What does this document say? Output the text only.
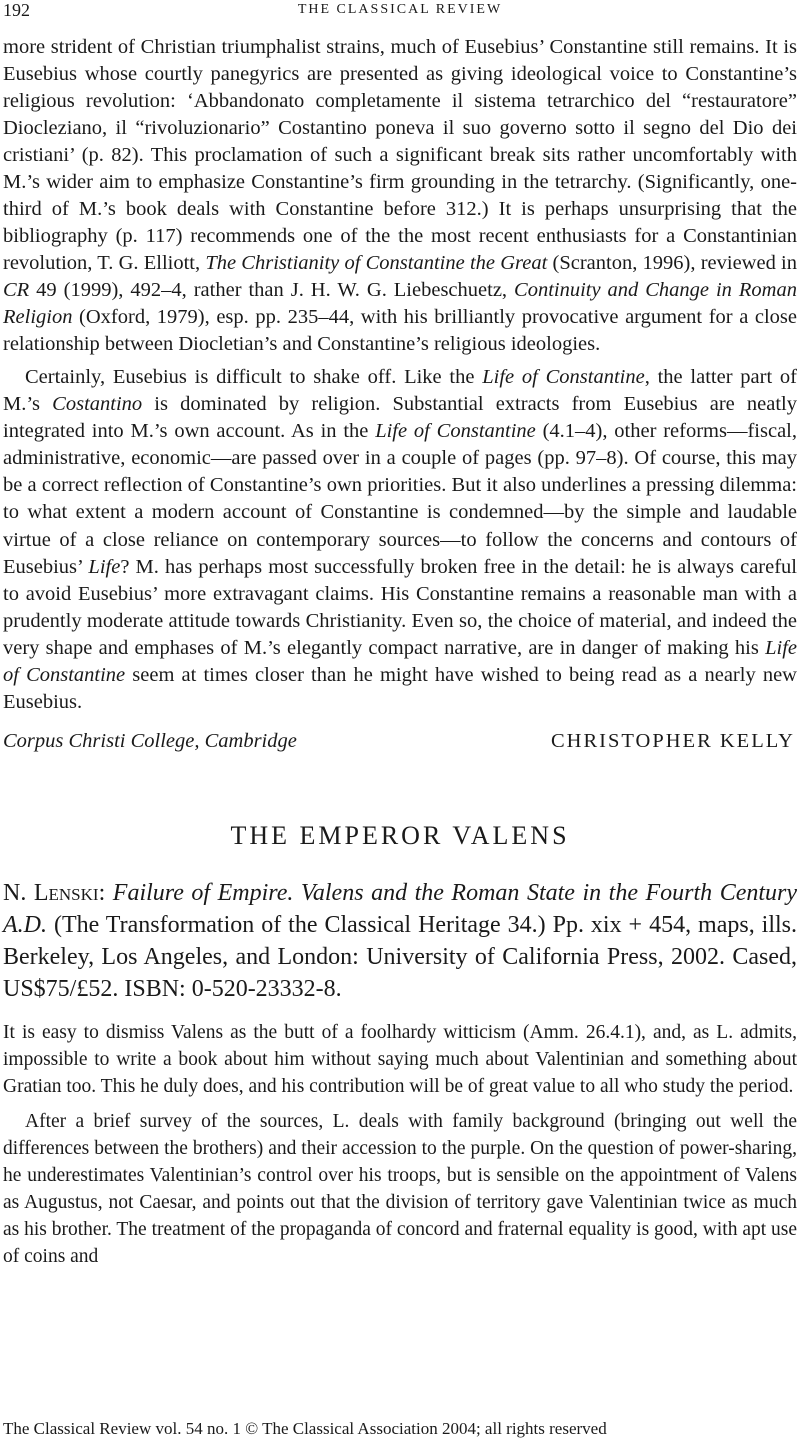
192	THE CLASSICAL REVIEW

more strident of Christian triumphalist strains, much of Eusebius’ Constantine still remains. It is Eusebius whose courtly panegyrics are presented as giving ideological voice to Constantine’s religious revolution: ‘Abbandonato completamente il sistema tetrarchico del “restauratore” Diocleziano, il “rivoluzionario” Costantino poneva il suo governo sotto il segno del Dio dei cristiani’ (p. 82). This proclamation of such a significant break sits rather uncomfortably with M.’s wider aim to emphasize Constantine’s firm grounding in the tetrarchy. (Significantly, one-third of M.’s book deals with Constantine before 312.) It is perhaps unsurprising that the bibliography (p. 117) recommends one of the the most recent enthusiasts for a Constantinian revolution, T. G. Elliott, The Christianity of Constantine the Great (Scranton, 1996), reviewed in CR 49 (1999), 492–4, rather than J. H. W. G. Liebeschuetz, Continuity and Change in Roman Religion (Oxford, 1979), esp. pp. 235–44, with his brilliantly provocative argument for a close relationship between Diocletian’s and Constantine’s religious ideologies.

Certainly, Eusebius is difficult to shake off. Like the Life of Constantine, the latter part of M.’s Costantino is dominated by religion. Substantial extracts from Eusebius are neatly integrated into M.’s own account. As in the Life of Constantine (4.1–4), other reforms—fiscal, administrative, economic—are passed over in a couple of pages (pp. 97–8). Of course, this may be a correct reflection of Constantine’s own priorities. But it also underlines a pressing dilemma: to what extent a modern account of Constantine is condemned—by the simple and laudable virtue of a close reliance on contemporary sources—to follow the concerns and contours of Eusebius’ Life? M. has perhaps most successfully broken free in the detail: he is always careful to avoid Eusebius’ more extravagant claims. His Constantine remains a reasonable man with a prudently moderate attitude towards Christianity. Even so, the choice of material, and indeed the very shape and emphases of M.’s elegantly compact narrative, are in danger of making his Life of Constantine seem at times closer than he might have wished to being read as a nearly new Eusebius.

Corpus Christi College, Cambridge	CHRISTOPHER KELLY
THE EMPEROR VALENS
N. Lenski: Failure of Empire. Valens and the Roman State in the Fourth Century A.D. (The Transformation of the Classical Heritage 34.) Pp. xix + 454, maps, ills. Berkeley, Los Angeles, and London: University of California Press, 2002. Cased, US$75/£52. ISBN: 0-520-23332-8.

It is easy to dismiss Valens as the butt of a foolhardy witticism (Amm. 26.4.1), and, as L. admits, impossible to write a book about him without saying much about Valentinian and something about Gratian too. This he duly does, and his contribution will be of great value to all who study the period.

After a brief survey of the sources, L. deals with family background (bringing out well the differences between the brothers) and their accession to the purple. On the question of power-sharing, he underestimates Valentinian’s control over his troops, but is sensible on the appointment of Valens as Augustus, not Caesar, and points out that the division of territory gave Valentinian twice as much as his brother. The treatment of the propaganda of concord and fraternal equality is good, with apt use of coins and

The Classical Review vol. 54 no. 1 © The Classical Association 2004; all rights reserved
